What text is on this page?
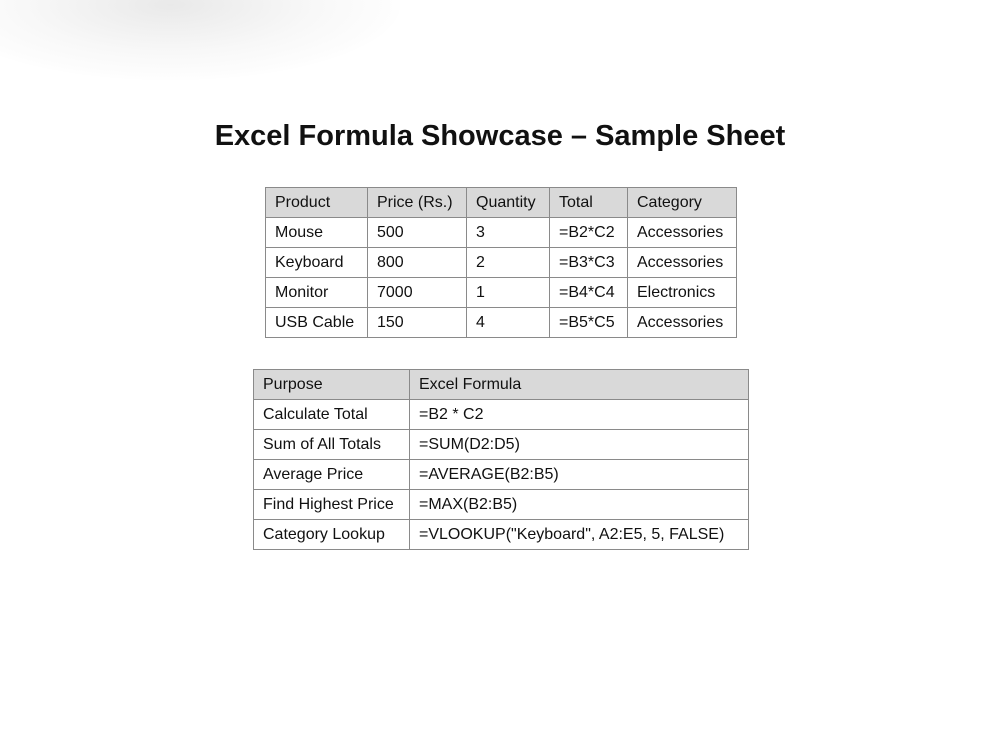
Excel Formula Showcase – Sample Sheet
Product	Price (Rs.)	Quantity	Total	Category
Mouse	500	3	=B2*C2	Accessories
Keyboard	800	2	=B3*C3	Accessories
Monitor	7000	1	=B4*C4	Electronics
USB Cable	150	4	=B5*C5	Accessories
Purpose	Excel Formula
Calculate Total	=B2 * C2
Sum of All Totals	=SUM(D2:D5)
Average Price	=AVERAGE(B2:B5)
Find Highest Price	=MAX(B2:B5)
Category Lookup	=VLOOKUP("Keyboard", A2:E5, 5, FALSE)
